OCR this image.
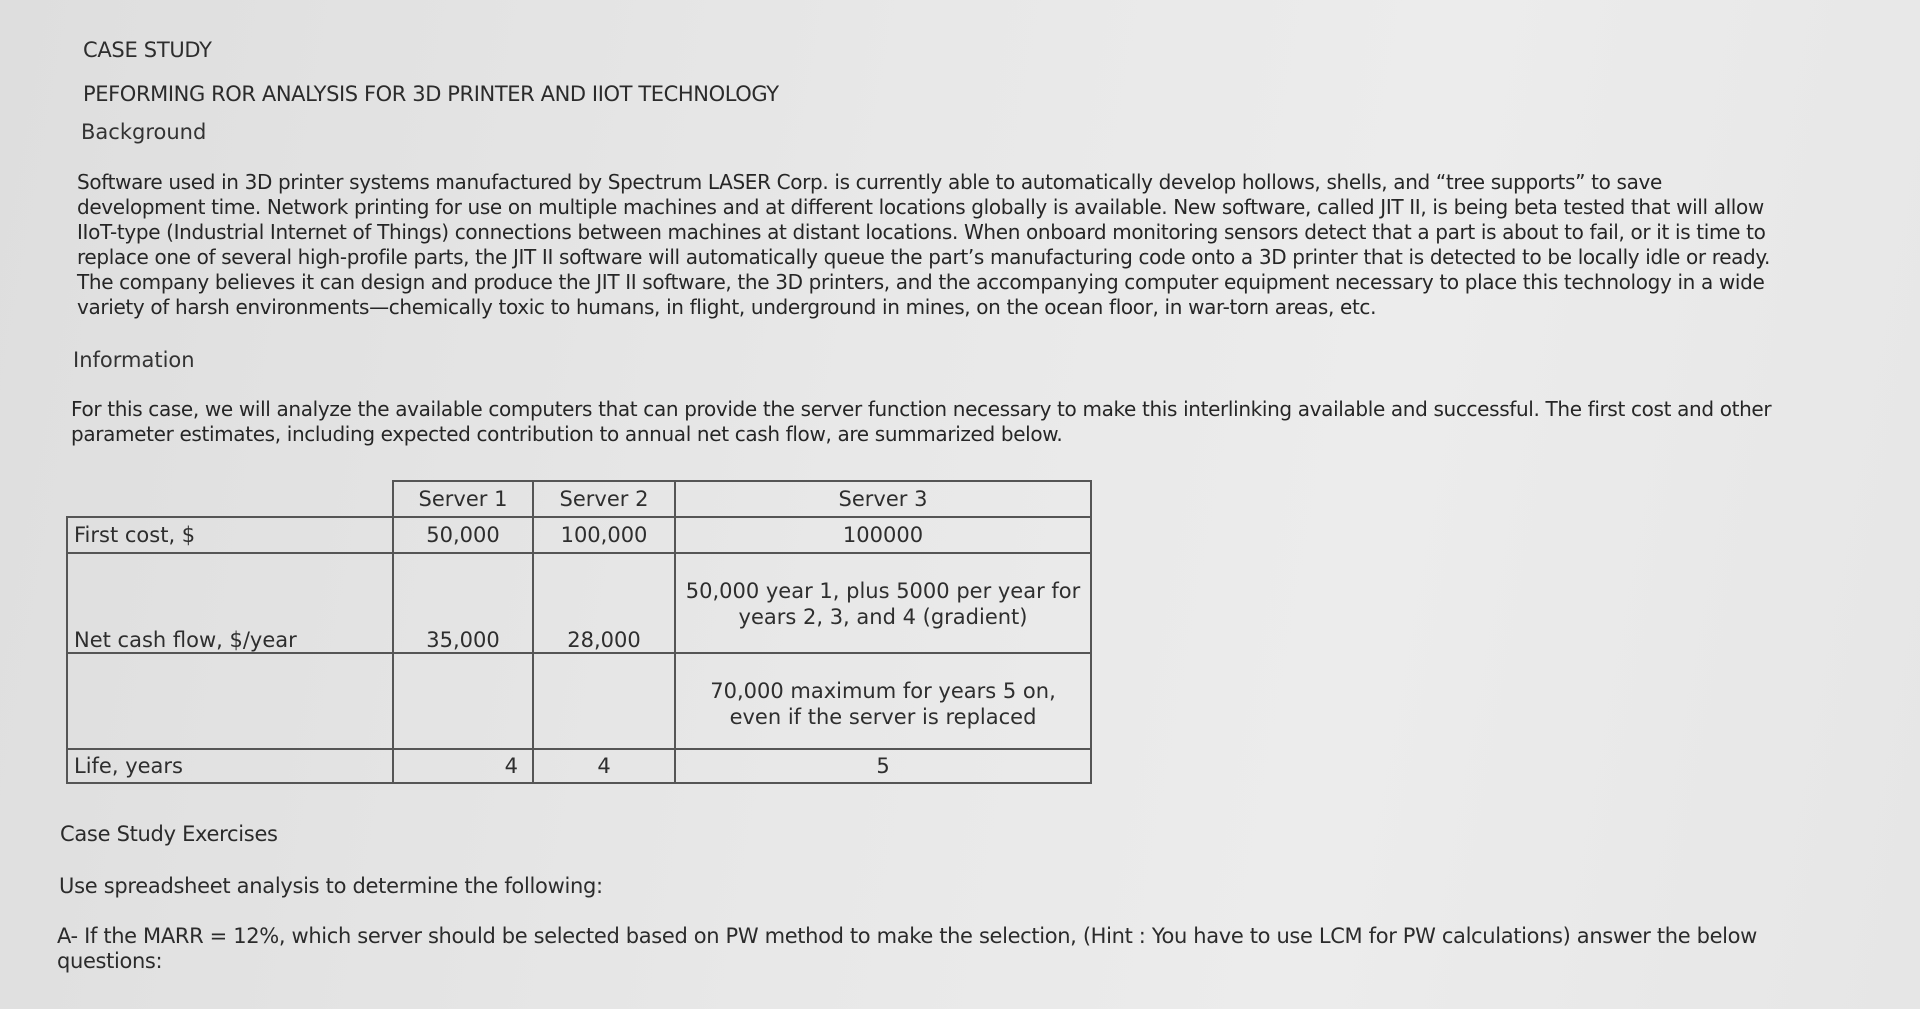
CASE STUDY
PEFORMING ROR ANALYSIS FOR 3D PRINTER AND IIOT TECHNOLOGY
Background
Software used in 3D printer systems manufactured by Spectrum LASER Corp. is currently able to automatically develop hollows, shells, and “tree supports” to save development time. Network printing for use on multiple machines and at different locations globally is available. New software, called JIT II, is being beta tested that will allow IIoT-type (Industrial Internet of Things) connections between machines at distant locations. When onboard monitoring sensors detect that a part is about to fail, or it is time to replace one of several high-profile parts, the JIT II software will automatically queue the part’s manufacturing code onto a 3D printer that is detected to be locally idle or ready. The company believes it can design and produce the JIT II software, the 3D printers, and the accompanying computer equipment necessary to place this technology in a wide variety of harsh environments—chemically toxic to humans, in flight, underground in mines, on the ocean floor, in war-torn areas, etc.
Information
For this case, we will analyze the available computers that can provide the server function necessary to make this interlinking available and successful. The first cost and other parameter estimates, including expected contribution to annual net cash flow, are summarized below.
	Server 1	Server 2	Server 3
First cost, $	50,000	100,000	100000
Net cash flow, $/year	35,000	28,000	50,000 year 1, plus 5000 per year for years 2, 3, and 4 (gradient)
			70,000 maximum for years 5 on, even if the server is replaced
Life, years	4	4	5
Case Study Exercises
Use spreadsheet analysis to determine the following:
A- If the MARR = 12%, which server should be selected based on PW method to make the selection, (Hint : You have to use LCM for PW calculations) answer the below questions:
